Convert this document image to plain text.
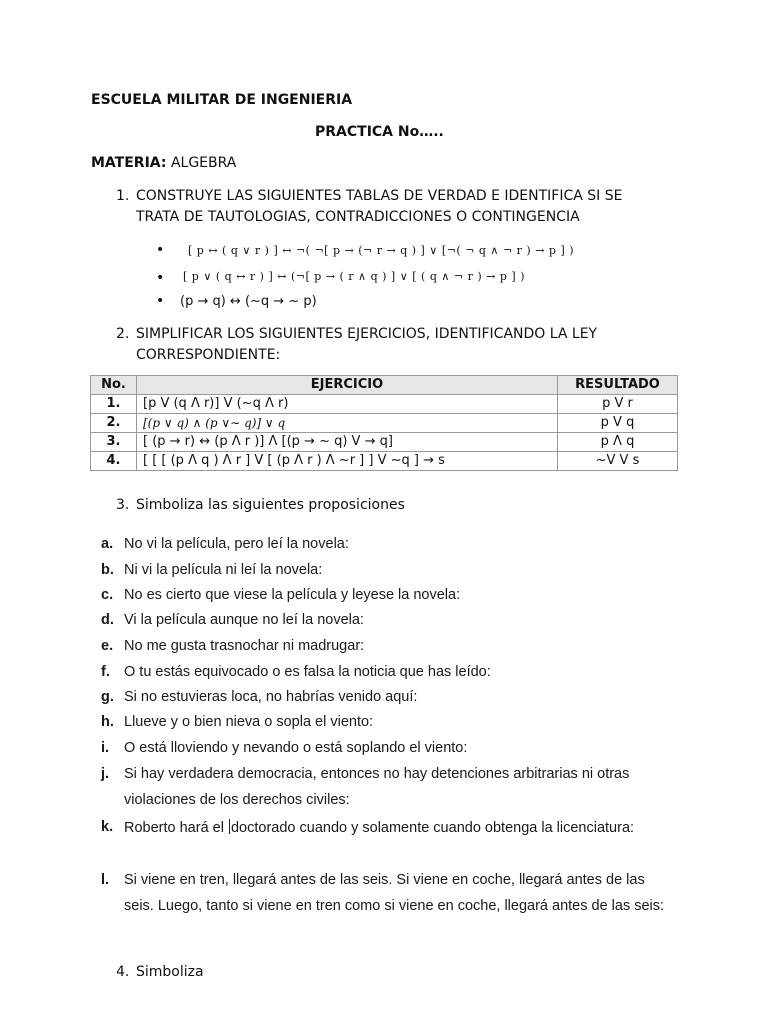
ESCUELA MILITAR DE INGENIERIA
PRACTICA No…..
MATERIA: ALGEBRA
1. CONSTRUYE LAS SIGUIENTES TABLAS DE VERDAD E IDENTIFICA SI SE
TRATA DE TAUTOLOGIAS, CONTRADICCIONES O CONTINGENCIA
• [ p ↔ ( q ∨ r ) ] ↔ ¬( ¬[ p → (¬ r → q ) ] ∨ [¬( ¬ q ∧ ¬ r ) → p ] )
• [ p ∨ ( q ↔ r ) ] ↔ (¬[ p → ( r ∧ q ) ] ∨ [ ( q ∧ ¬ r ) → p ] )
• (p → q) ↔ (~q → ~ p)
2. SIMPLIFICAR LOS SIGUIENTES EJERCICIOS, IDENTIFICANDO LA LEY
CORRESPONDIENTE:
No.	EJERCICIO	RESULTADO
1.	[p V (q Λ r)] V (~q Λ r)	p V r
2.	[(p ∨ q) ∧ (p ∨∼ q)] ∨ q	p V q
3.	[ (p → r) ↔ (p Λ r )] Λ [(p → ~ q) V → q]	p Λ q
4.	[ [ [ (p Λ q ) Λ r ] V [ (p Λ r ) Λ ~r ] ] V ~q ] → s	~V V s
3. Simboliza las siguientes proposiciones
a. No vi la película, pero leí la novela:
b. Ni vi la película ni leí la novela:
c. No es cierto que viese la película y leyese la novela:
d. Vi la película aunque no leí la novela:
e. No me gusta trasnochar ni madrugar:
f. O tu estás equivocado o es falsa la noticia que has leído:
g. Si no estuvieras loca, no habrías venido aquí:
h. Llueve y o bien nieva o sopla el viento:
i. O está lloviendo y nevando o está soplando el viento:
j. Si hay verdadera democracia, entonces no hay detenciones arbitrarias ni otras
violaciones de los derechos civiles:
k. Roberto hará el doctorado cuando y solamente cuando obtenga la licenciatura:
l. Si viene en tren, llegará antes de las seis. Si viene en coche, llegará antes de las
seis. Luego, tanto si viene en tren como si viene en coche, llegará antes de las seis:
4. Simboliza
